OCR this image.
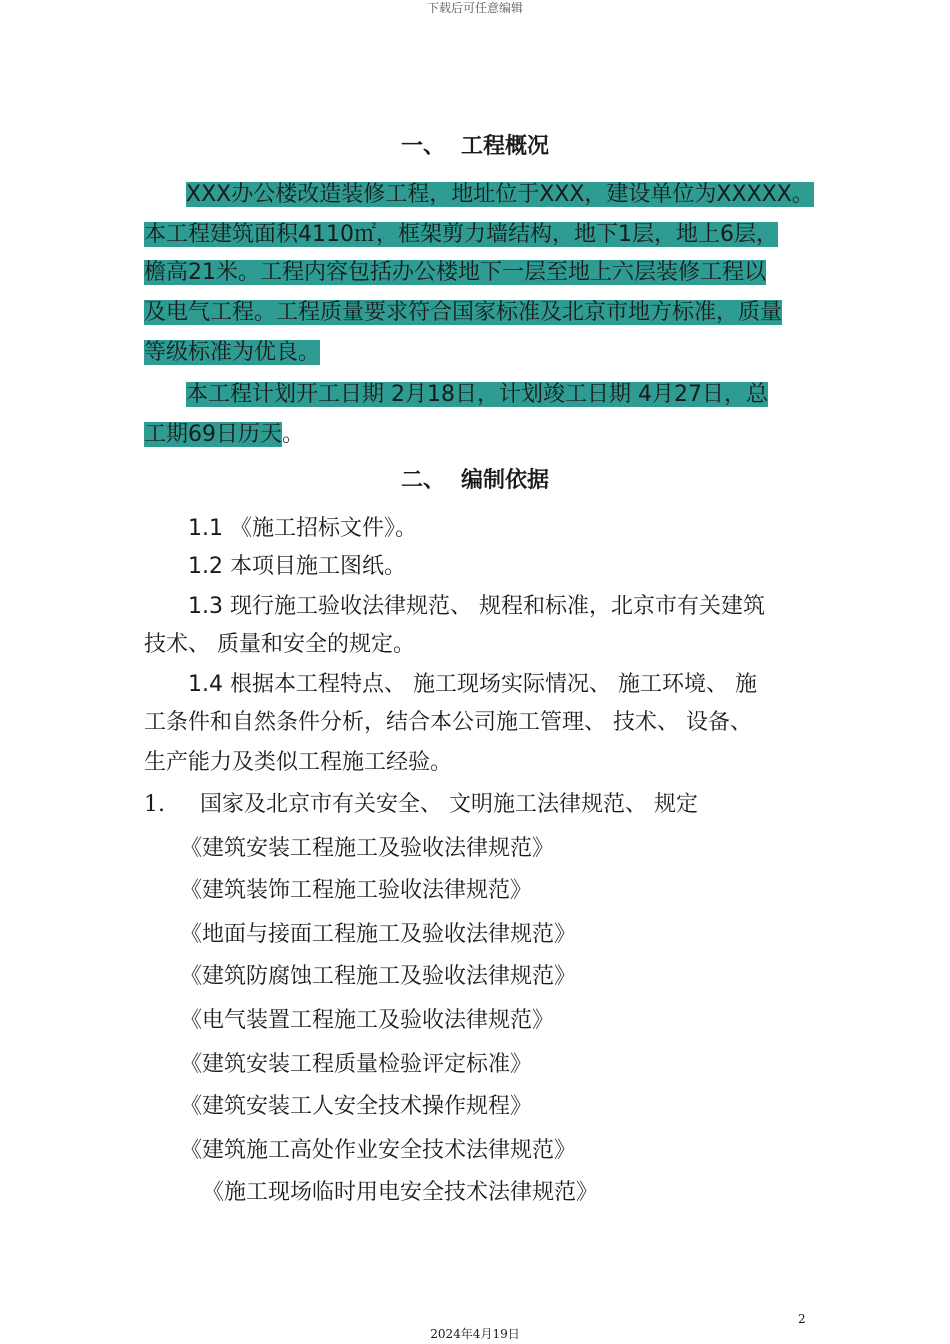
下载后可任意编辑
一、 工程概况
XXX办公楼改造装修工程，地址位于XXX，建设单位为XXXXX。
本工程建筑面积4110㎡，框架剪力墙结构，地下1层，地上6层，
檐高21米。工程内容包括办公楼地下一层至地上六层装修工程以
及电气工程。工程质量要求符合国家标准及北京市地方标准，质量
等级标准为优良。
本工程计划开工日期 2月18日，计划竣工日期 4月27日，总
工期69日历天。
二、 编制依据
1.1 《施工招标文件》。
1.2 本项目施工图纸。
1.3 现行施工验收法律规范、 规程和标准，北京市有关建筑
技术、 质量和安全的规定。
1.4 根据本工程特点、 施工现场实际情况、 施工环境、 施
工条件和自然条件分析，结合本公司施工管理、 技术、 设备、
生产能力及类似工程施工经验。
1. 国家及北京市有关安全、 文明施工法律规范、 规定
《建筑安装工程施工及验收法律规范》
《建筑装饰工程施工验收法律规范》
《地面与接面工程施工及验收法律规范》
《建筑防腐蚀工程施工及验收法律规范》
《电气装置工程施工及验收法律规范》
《建筑安装工程质量检验评定标准》
《建筑安装工人安全技术操作规程》
《建筑施工高处作业安全技术法律规范》
《施工现场临时用电安全技术法律规范》
2
2024年4月19日
